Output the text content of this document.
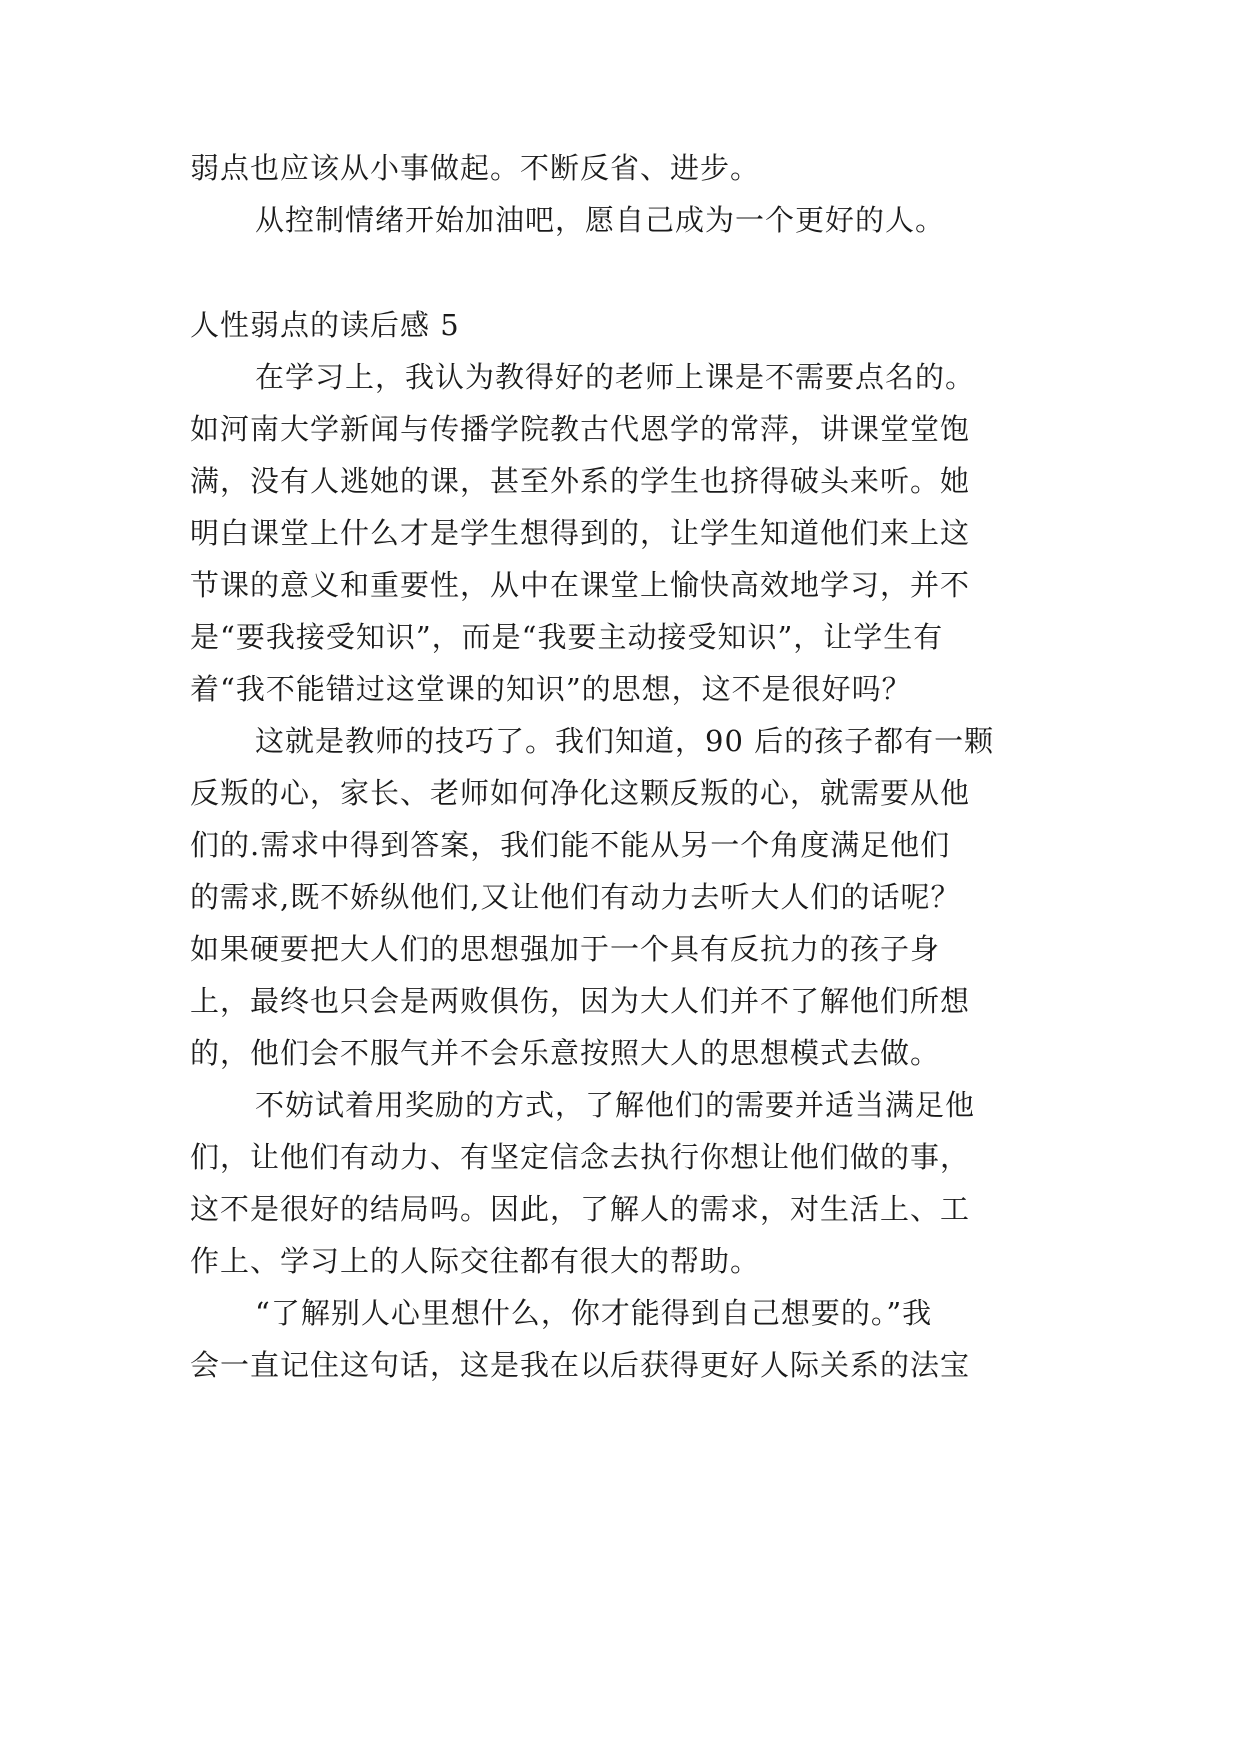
弱点也应该从小事做起。不断反省、进步。
从控制情绪开始加油吧，愿自己成为一个更好的人。
人性弱点的读后感 5
在学习上，我认为教得好的老师上课是不需要点名的。
如河南大学新闻与传播学院教古代恩学的常萍，讲课堂堂饱
满，没有人逃她的课，甚至外系的学生也挤得破头来听。她
明白课堂上什么才是学生想得到的，让学生知道他们来上这
节课的意义和重要性，从中在课堂上愉快高效地学习，并不
是“要我接受知识”，而是“我要主动接受知识”，让学生有
着“我不能错过这堂课的知识”的思想，这不是很好吗？
这就是教师的技巧了。我们知道，90 后的孩子都有一颗
反叛的心，家长、老师如何净化这颗反叛的心，就需要从他
们的.需求中得到答案，我们能不能从另一个角度满足他们
的需求,既不娇纵他们,又让他们有动力去听大人们的话呢？
如果硬要把大人们的思想强加于一个具有反抗力的孩子身
上，最终也只会是两败俱伤，因为大人们并不了解他们所想
的，他们会不服气并不会乐意按照大人的思想模式去做。
不妨试着用奖励的方式，了解他们的需要并适当满足他
们，让他们有动力、有坚定信念去执行你想让他们做的事，
这不是很好的结局吗。因此，了解人的需求，对生活上、工
作上、学习上的人际交往都有很大的帮助。
“了解别人心里想什么，你才能得到自己想要的。”我
会一直记住这句话，这是我在以后获得更好人际关系的法宝
